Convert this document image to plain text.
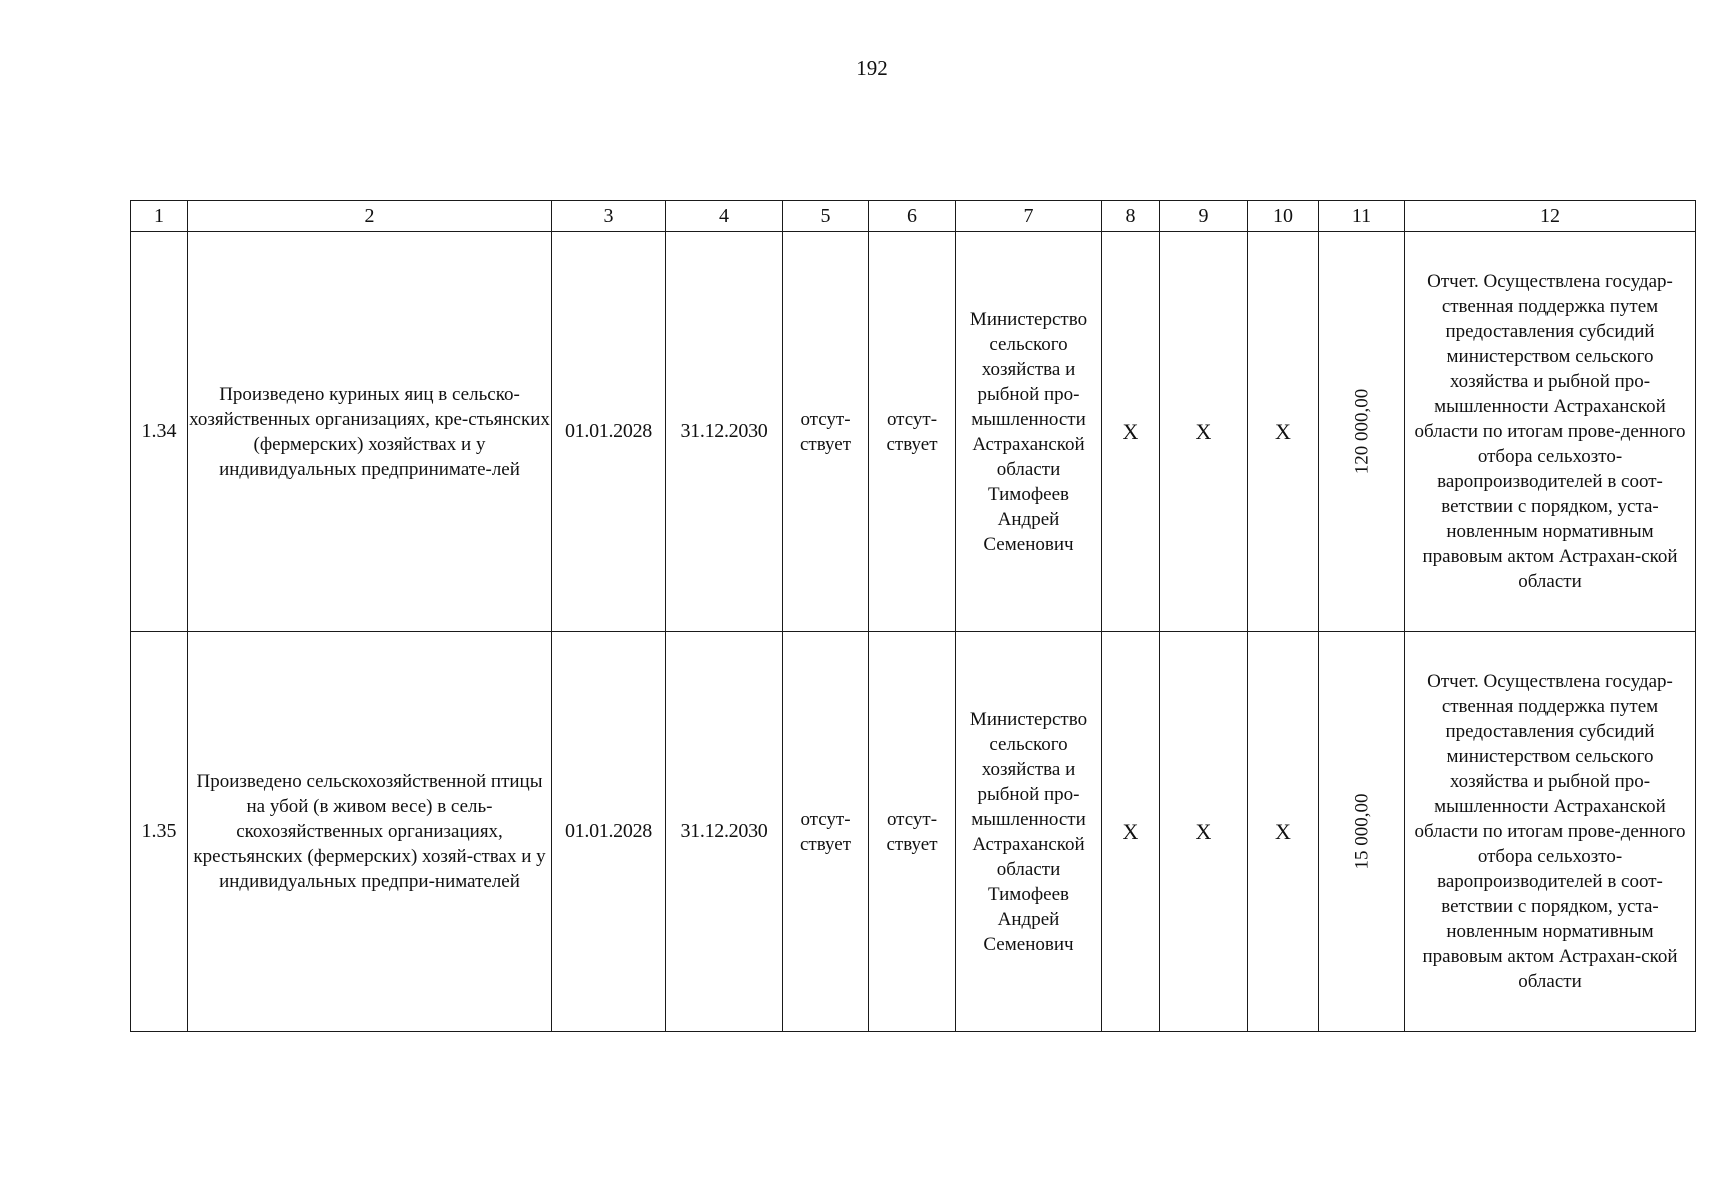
192
1	2	3	4	5	6	7	8	9	10	11	12
1.34	Произведено куриных яиц в сельско-хозяйственных организациях, кре-стьянских (фермерских) хозяйствах и у индивидуальных предпринимате-лей	01.01.2028	31.12.2030	отсут-ствует	отсут-ствует	Министерство сельского хозяйства и рыбной про-мышленности Астраханской области Тимофеев Андрей Семенович	X	X	X	120 000,00	Отчет. Осуществлена государ-ственная поддержка путем предоставления субсидий министерством сельского хозяйства и рыбной про-мышленности Астраханской области по итогам прове-денного отбора сельхозто-варопроизводителей в соот-ветствии с порядком, уста-новленным нормативным правовым актом Астрахан-ской области
1.35	Произведено сельскохозяйственной птицы на убой (в живом весе) в сель-скохозяйственных организациях, крестьянских (фермерских) хозяй-ствах и у индивидуальных предпри-нимателей	01.01.2028	31.12.2030	отсут-ствует	отсут-ствует	Министерство сельского хозяйства и рыбной про-мышленности Астраханской области Тимофеев Андрей Семенович	X	X	X	15 000,00	Отчет. Осуществлена государ-ственная поддержка путем предоставления субсидий министерством сельского хозяйства и рыбной про-мышленности Астраханской области по итогам прове-денного отбора сельхозто-варопроизводителей в соот-ветствии с порядком, уста-новленным нормативным правовым актом Астрахан-ской области
